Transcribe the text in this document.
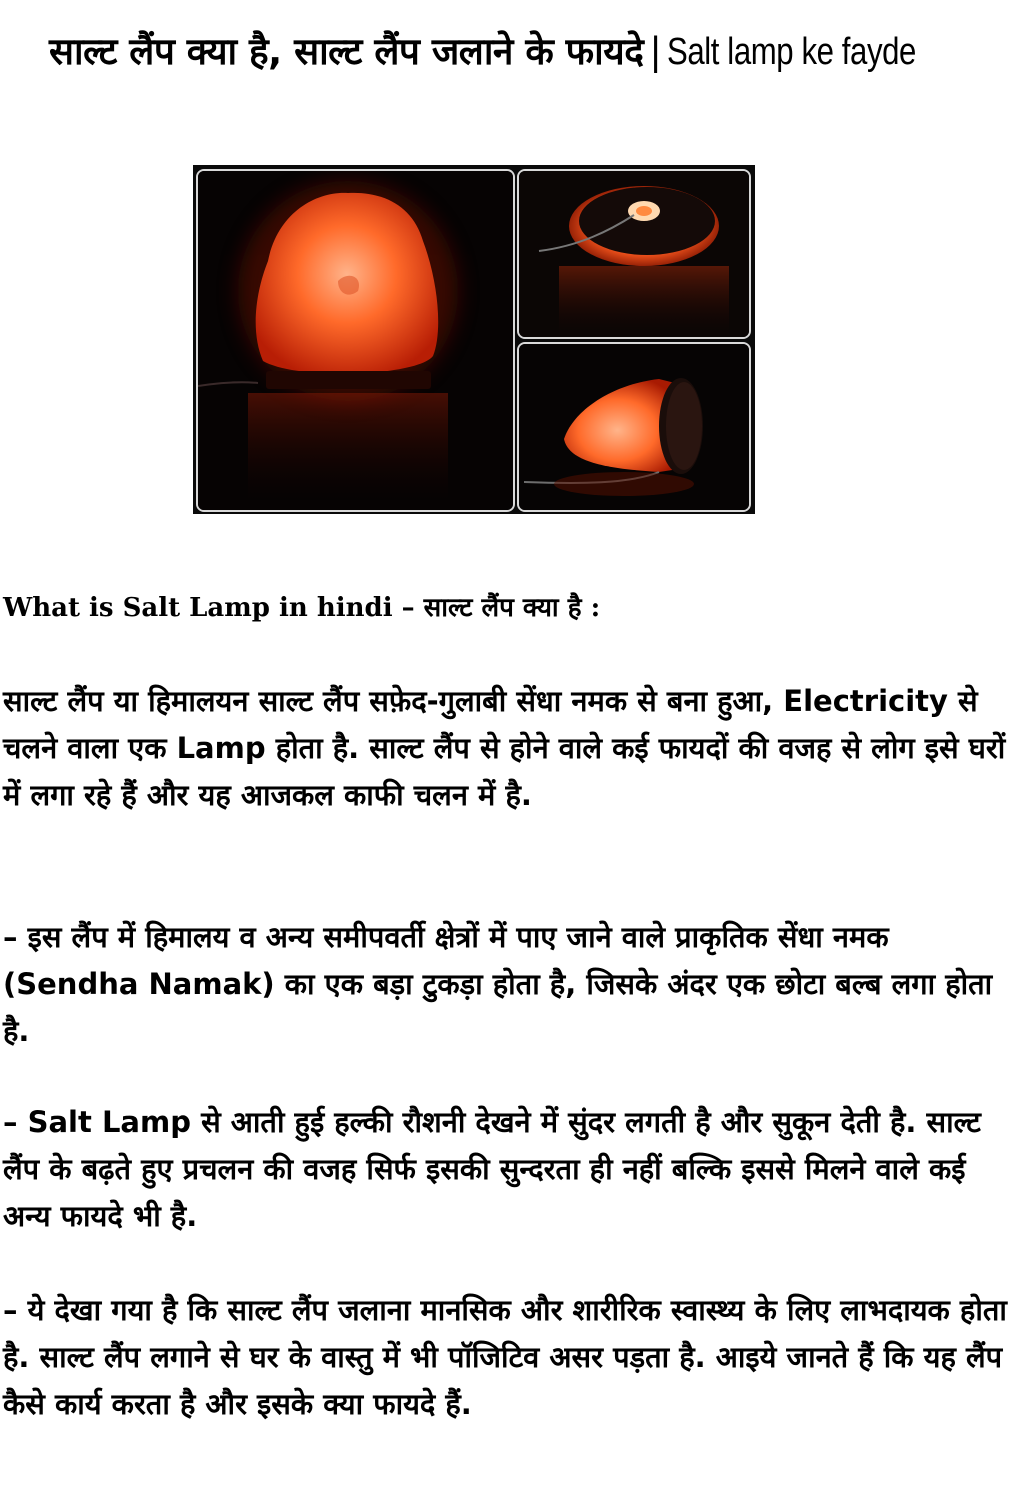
साल्ट लैंप क्या है, साल्ट लैंप जलाने के फायदे | Salt lamp ke fayde
What is Salt Lamp in hindi – साल्ट लैंप क्या है :

साल्ट लैंप या हिमालयन साल्ट लैंप सफ़ेद-गुलाबी सेंधा नमक से बना हुआ, Electricity से चलने वाला एक Lamp होता है. साल्ट लैंप से होने वाले कई फायदों की वजह से लोग इसे घरों में लगा रहे हैं और यह आजकल काफी चलन में है.

– इस लैंप में हिमालय व अन्य समीपवर्ती क्षेत्रों में पाए जाने वाले प्राकृतिक सेंधा नमक (Sendha Namak) का एक बड़ा टुकड़ा होता है, जिसके अंदर एक छोटा बल्ब लगा होता है.

– Salt Lamp से आती हुई हल्की रौशनी देखने में सुंदर लगती है और सुकून देती है. साल्ट लैंप के बढ़ते हुए प्रचलन की वजह सिर्फ इसकी सुन्दरता ही नहीं बल्कि इससे मिलने वाले कई अन्य फायदे भी है.

– ये देखा गया है कि साल्ट लैंप जलाना मानसिक और शारीरिक स्वास्थ्य के लिए लाभदायक होता है. साल्ट लैंप लगाने से घर के वास्तु में भी पॉजिटिव असर पड़ता है. आइये जानते हैं कि यह लैंप कैसे कार्य करता है और इसके क्या फायदे हैं.
